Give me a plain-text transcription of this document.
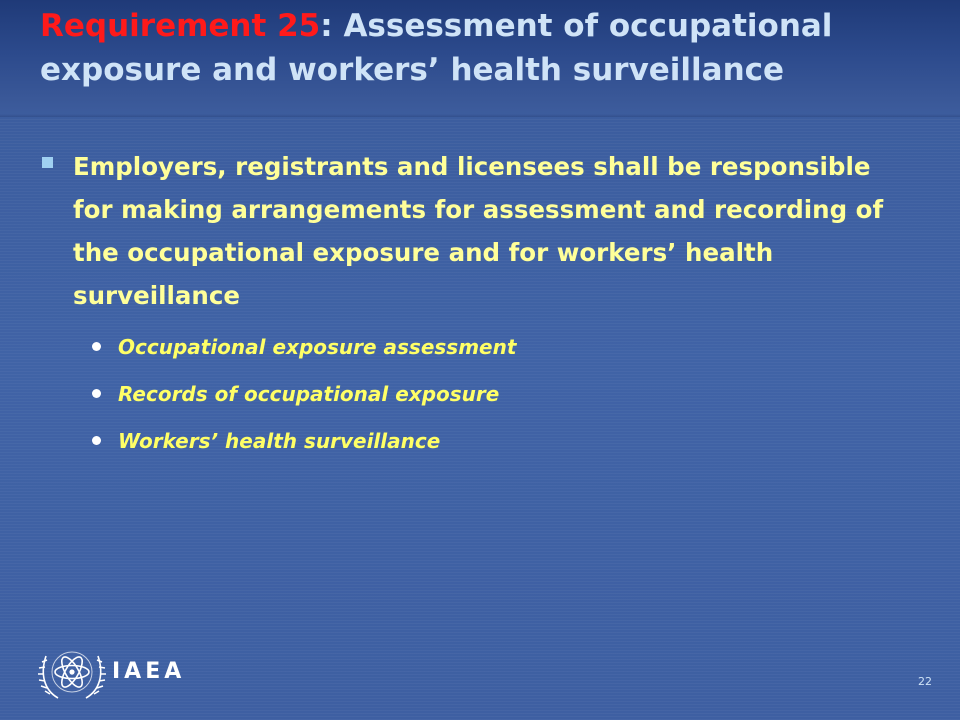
Requirement 25: Assessment of occupational exposure and workers’ health surveillance
Employers, registrants and licensees shall be responsible for making arrangements for assessment and recording of the occupational exposure and for workers’ health surveillance
Occupational exposure assessment
Records of occupational exposure
Workers’ health surveillance
IAEA	22
